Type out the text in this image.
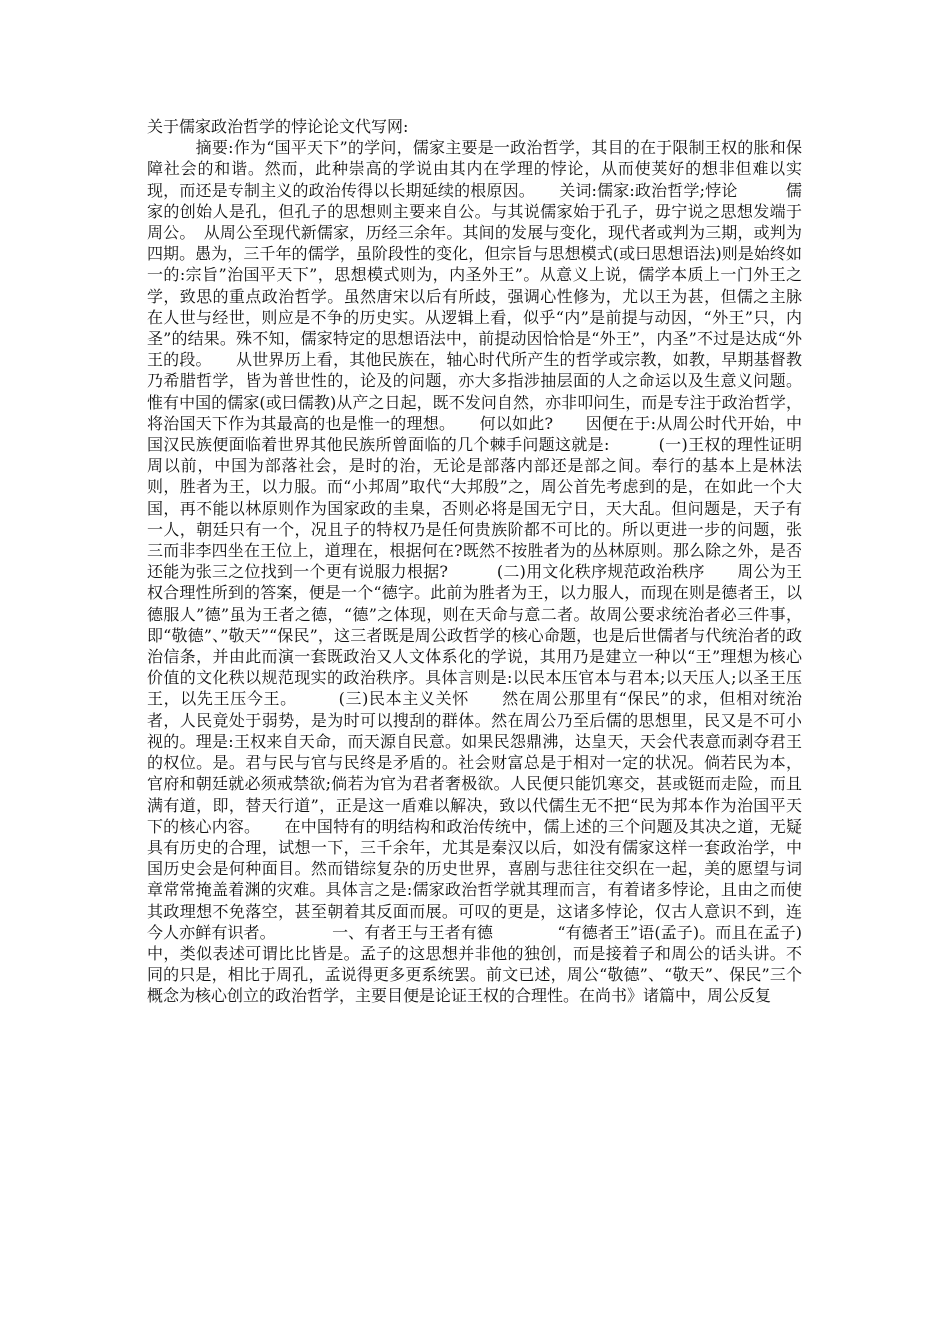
关于儒家政治哲学的悖论论文代写网:
　　　摘要:作为“国平天下”的学问，儒家主要是一政治哲学，其目的在于限制王权的胀和保障社会的和谐。然而，此种崇高的学说由其内在学理的悖论，从而使荚好的想非但难以实现，而还是专制主义的政治传得以长期延续的根原因。　　关词:儒家:政治哲学;悖论　　　儒家的创始人是孔，但孔子的思想则主要来自公。与其说儒家始于孔子，毋宁说之思想发端于周公。　从周公至现代新儒家，历经三余年。其间的发展与变化，现代者或判为三期，或判为四期。愚为，三千年的儒学，虽阶段性的变化，但宗旨与思想模式(或曰思想语法)则是始终如一的:宗旨”治国平天下”，思想模式则为，内圣外王”。从意义上说，儒学本质上一门外王之学，致思的重点政治哲学。虽然唐宋以后有所歧，强调心性修为，尤以王为甚，但儒之主脉在人世与经世，则应是不争的历史实。从逻辑上看，似乎“内”是前提与动因，“外王”只，内圣”的结果。殊不知，儒家特定的思想语法中，前提动因恰恰是“外王”，内圣”不过是达成“外王的段。　　从世界历上看，其他民族在，轴心时代所产生的哲学或宗教，如教，早期基督教乃希腊哲学，皆为普世性的，论及的问题，亦大多指涉抽层面的人之命运以及生意义问题。惟有中国的儒家(或曰儒教)从产之日起，既不发问自然，亦非叩问生，而是专注于政治哲学，将治国天下作为其最高的也是惟一的理想。　　何以如此?　　因便在于:从周公时代开始，中国汉民族便面临着世界其他民族所曾面临的几个棘手问题这就是:　　　(一)王权的理性证明　周以前，中国为部落社会，是时的治，无论是部落内部还是部之间。奉行的基本上是林法则，胜者为王，以力服。而“小邦周”取代“大邦殷”之，周公首先考虑到的是，在如此一个大国，再不能以林原则作为国家政的圭臬，否则必将是国无宁日，天大乱。但问题是，天子有一人，朝廷只有一个，况且子的特权乃是任何贵族阶都不可比的。所以更进一步的问题，张三而非李四坐在王位上，道理在，根据何在?既然不按胜者为的丛林原则。那么除之外，是否还能为张三之位找到一个更有说服力根据?　　　(二)用文化秩序规范政治秩序　　周公为王权合理性所到的答案，便是一个“德字。此前为胜者为王，以力服人，而现在则是德者王，以德服人”德”虽为王者之德，“德”之体现，则在天命与意二者。故周公要求统治者必三件事，即“敬德”、”敬天”“保民”，这三者既是周公政哲学的核心命题，也是后世儒者与代统治者的政治信条，并由此而演一套既政治又人文体系化的学说，其用乃是建立一种以“王”理想为核心价值的文化秩以规范现实的政治秩序。具体言则是:以民本压官本与君本;以天压人;以圣王压王，以先王压今王。　　　(三)民本主义关怀　　然在周公那里有“保民”的求，但相对统治者，人民竟处于弱势，是为时可以搜刮的群体。然在周公乃至后儒的思想里，民又是不可小视的。理是:王权来自天命，而天源自民意。如果民怨鼎沸，达皇天，天会代表意而剥夺君王的权位。是。君与民与官与民终是矛盾的。社会财富总是于相对一定的状况。倘若民为本，官府和朝廷就必须戒禁欲;倘若为官为君者奢极欲。人民便只能饥寒交，甚或铤而走险，而且满有道，即，替天行道”，正是这一盾难以解决，致以代儒生无不把“民为邦本作为治国平天下的核心内容。　　在中国特有的明结构和政治传统中，儒上述的三个问题及其决之道，无疑具有历史的合理，试想一下，三千余年，尤其是秦汉以后，如没有儒家这样一套政治学，中国历史会是何种面目。然而错综复杂的历史世界，喜剧与悲往往交织在一起，美的愿望与词章常常掩盖着渊的灾难。具体言之是:儒家政治哲学就其理而言，有着诸多悖论，且由之而使其政理想不免落空，甚至朝着其反面而展。可叹的更是，这诸多悖论，仅古人意识不到，连今人亦鲜有识者。　　　　一、有者王与王者有德　　　　“有德者王”语(孟子)。而且在孟子)中，类似表述可谓比比皆是。孟子的这思想并非他的独创，而是接着子和周公的话头讲。不同的只是，相比于周孔，孟说得更多更系统罢。前文已述，周公“敬德”、“敬天”、保民”三个概念为核心创立的政治哲学，主要目便是论证王权的合理性。在尚书》诸篇中，周公反复
